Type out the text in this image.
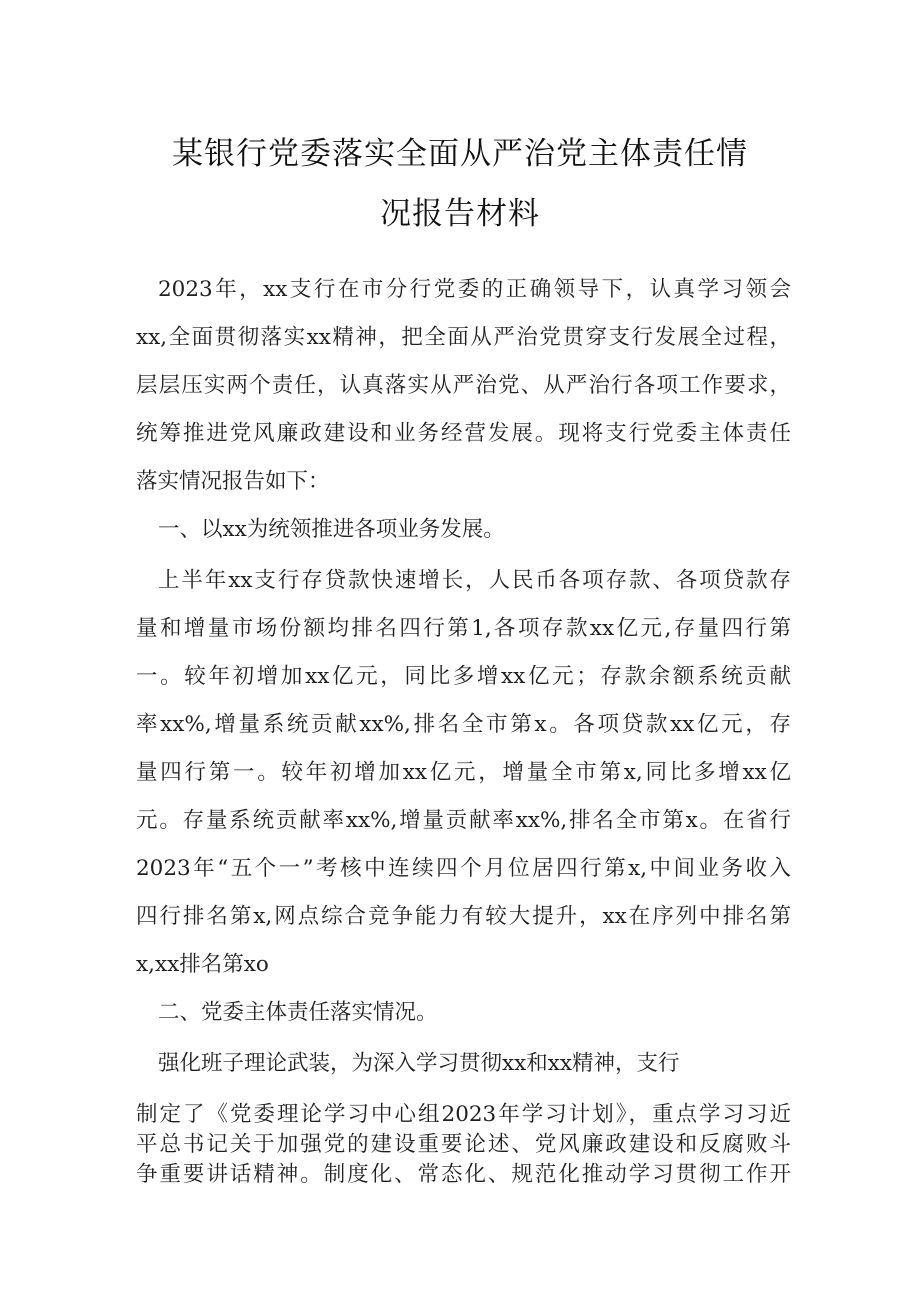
某银行党委落实全面从严治党主体责任情
况报告材料
2023年，xx支行在市分行党委的正确领导下，认真学习领会
xx,全面贯彻落实xx精神，把全面从严治党贯穿支行发展全过程，
层层压实两个责任，认真落实从严治党、从严治行各项工作要求，
统筹推进党风廉政建设和业务经营发展。现将支行党委主体责任
落实情况报告如下：
一、以xx为统领推进各项业务发展。
上半年xx支行存贷款快速增长，人民币各项存款、各项贷款存
量和增量市场份额均排名四行第1,各项存款xx亿元,存量四行第
一。较年初增加xx亿元，同比多增xx亿元；存款余额系统贡献
率xx%,增量系统贡献xx%,排名全市第x。各项贷款xx亿元，存
量四行第一。较年初增加xx亿元，增量全市第x,同比多增xx亿
元。存量系统贡献率xx%,增量贡献率xx%,排名全市第x。在省行
2023年“五个一”考核中连续四个月位居四行第x,中间业务收入
四行排名第x,网点综合竞争能力有较大提升，xx在序列中排名第
x,xx排名第xo
二、党委主体责任落实情况。
强化班子理论武装，为深入学习贯彻xx和xx精神，支行
制定了《党委理论学习中心组2023年学习计划》，重点学习习近
平总书记关于加强党的建设重要论述、党风廉政建设和反腐败斗
争重要讲话精神。制度化、常态化、规范化推动学习贯彻工作开
